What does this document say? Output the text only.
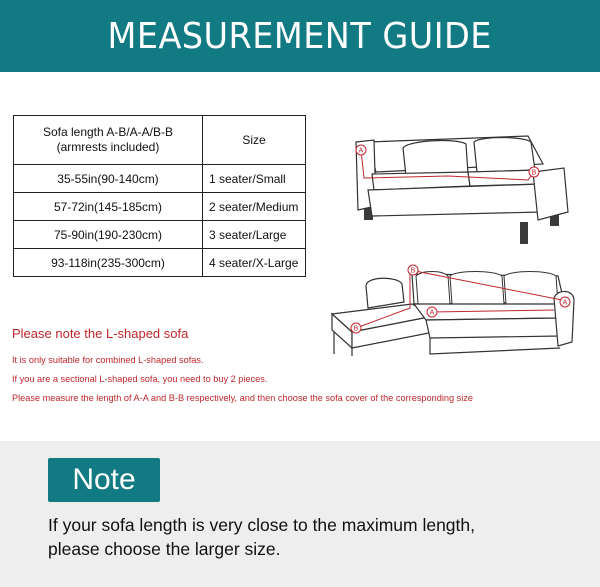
MEASUREMENT GUIDE
Sofa length A-B/A-A/B-B
(armrests included)	Size
35-55in(90-140cm)	1 seater/Small
57-72in(145-185cm)	2 seater/Medium
75-90in(190-230cm)	3 seater/Large
93-118in(235-300cm)	4 seater/X-Large
A
B
B
B
A
A
Please note the L-shaped sofa
It is only suitable for combined L-shaped sofas.
If you are a sectional L-shaped sofa, you need to buy 2 pieces.
Please measure the length of A-A and B-B respectively, and then choose the sofa cover of the corresponding size
Note
If your sofa length is very close to the maximum length,
please choose the larger size.
